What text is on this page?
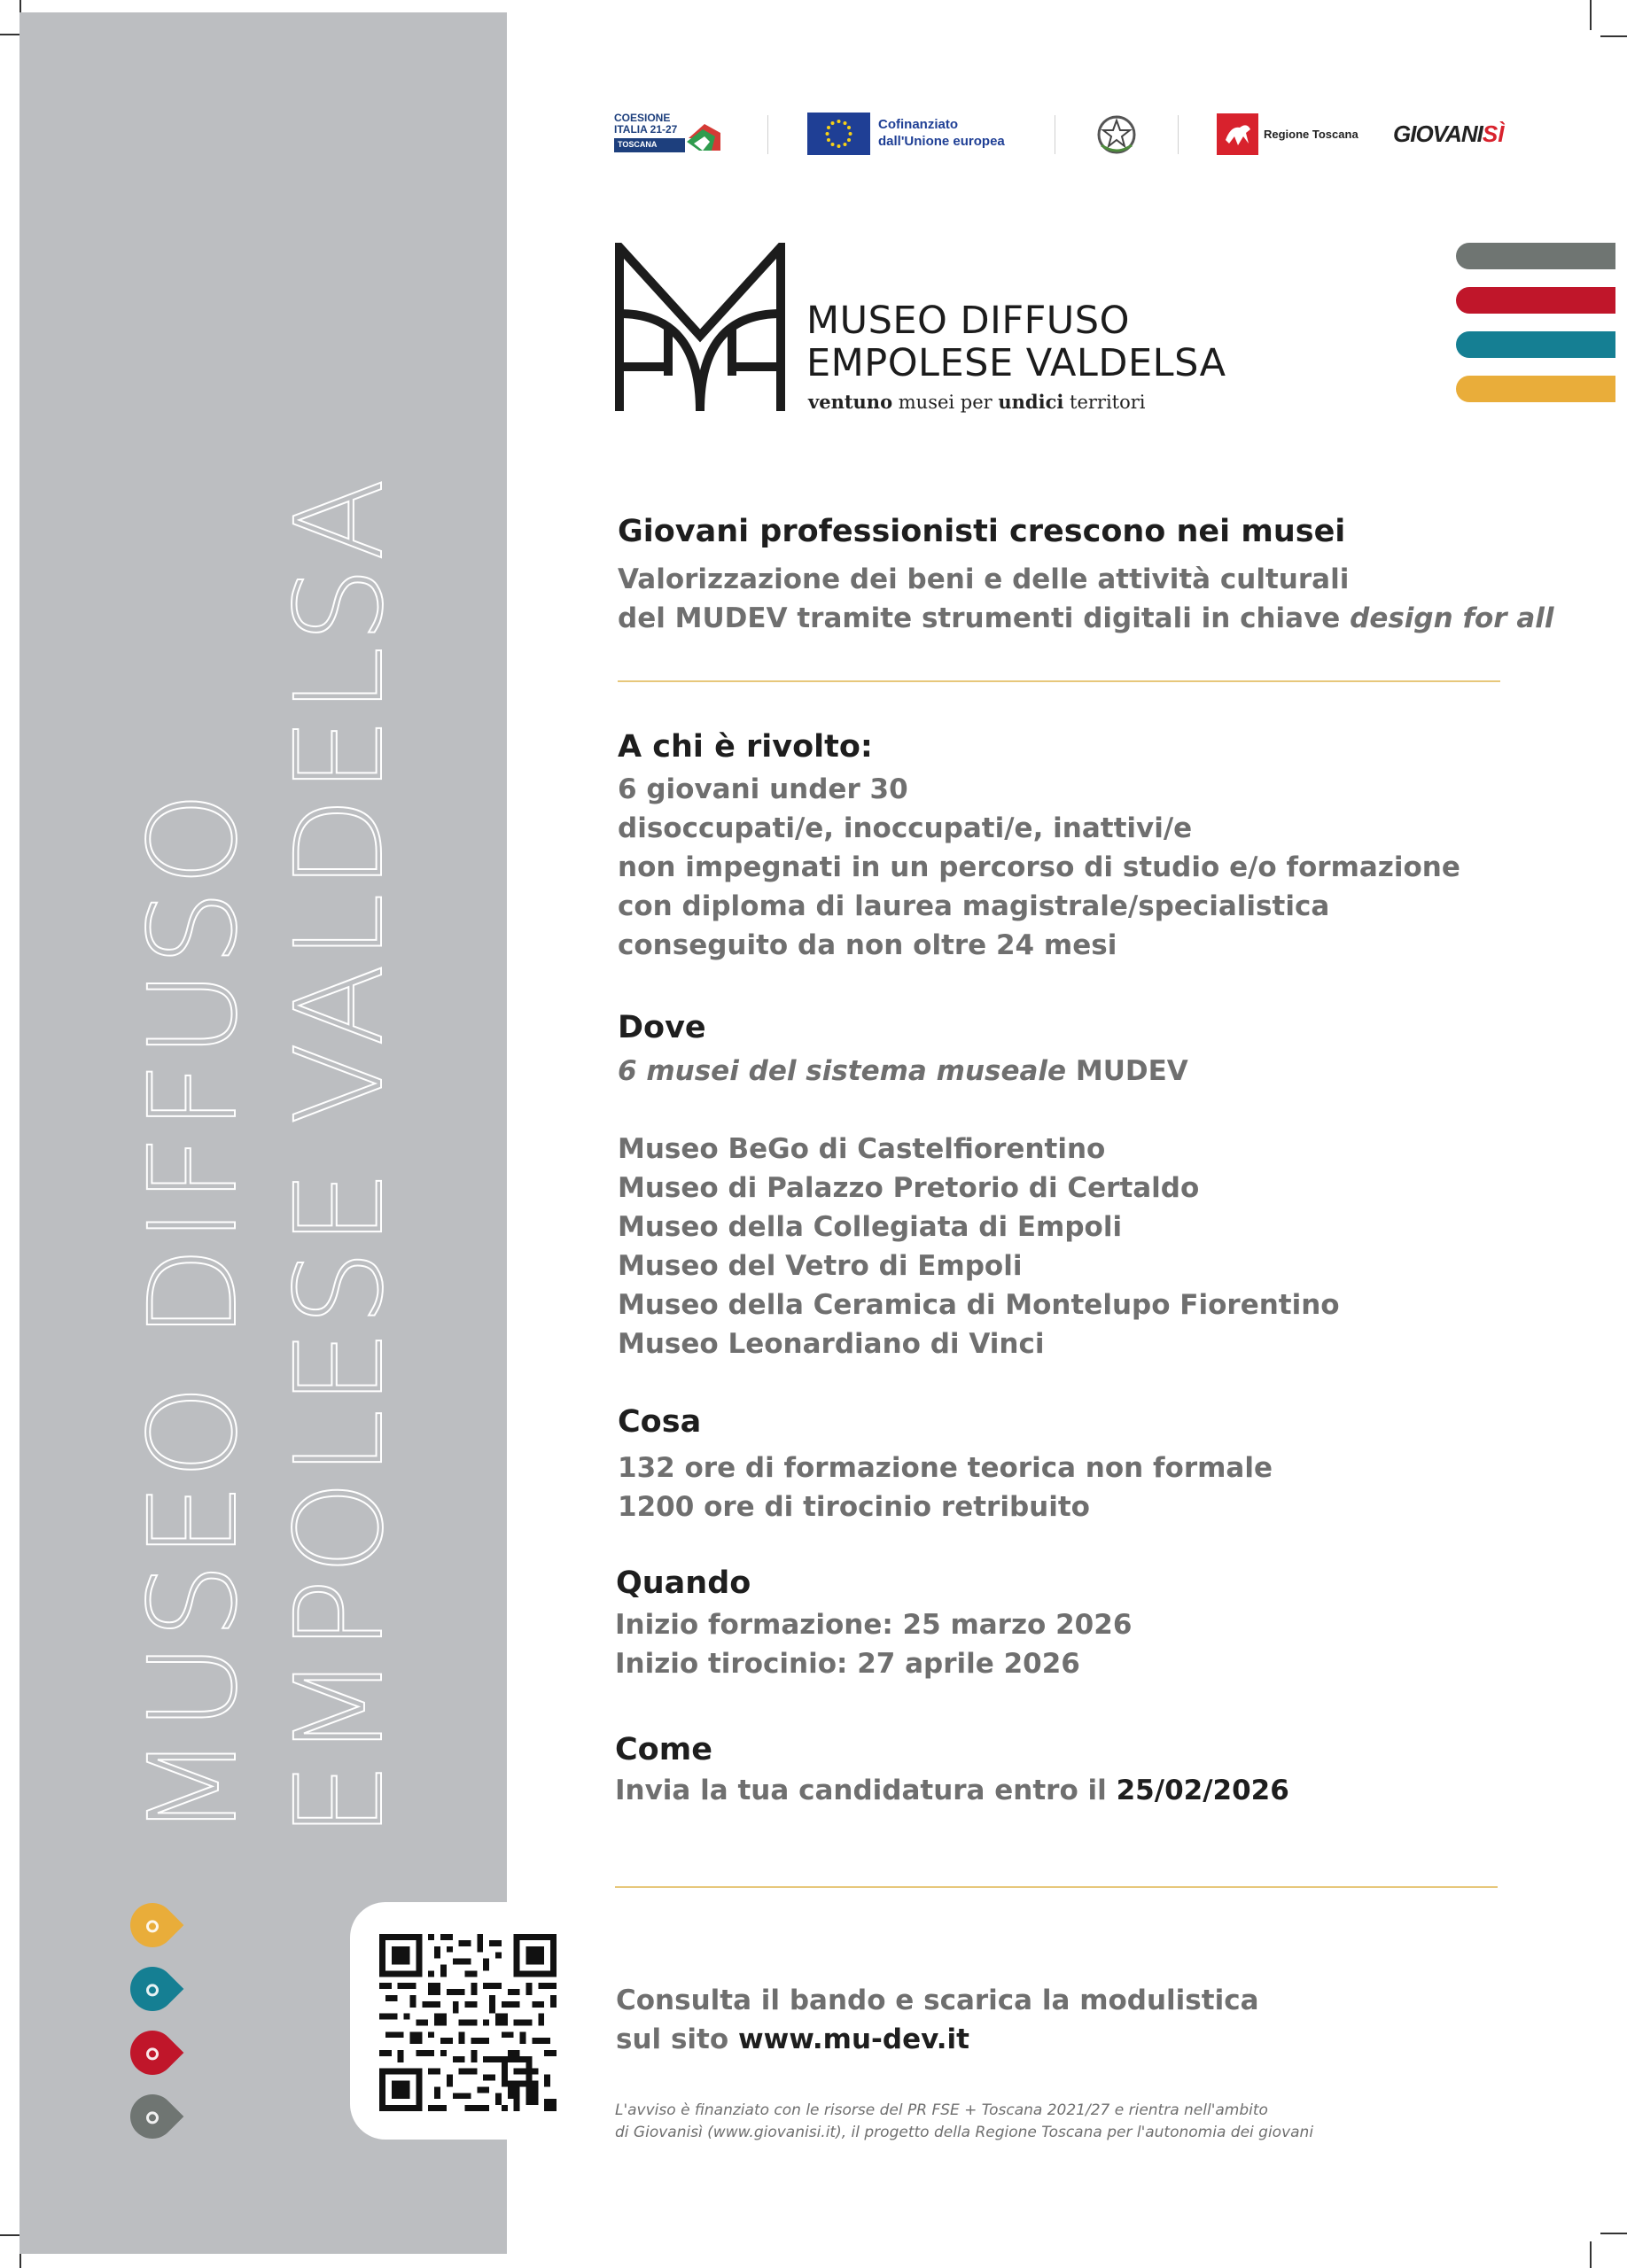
MUSEO DIFFUSO EMPOLESE VALDELSA
COESIONE
ITALIA 21-27
TOSCANA
Cofinanziato
dall'Unione europea	Regione Toscana GIOVANISÌ
MUSEO DIFFUSO
EMPOLESE VALDELSA
ventuno musei per undici territori
Giovani professionisti crescono nei musei
Valorizzazione dei beni e delle attività culturali
del MUDEV tramite strumenti digitali in chiave design for all
A chi è rivolto:
6 giovani under 30
disoccupati/e, inoccupati/e, inattivi/e
non impegnati in un percorso di studio e/o formazione
con diploma di laurea magistrale/specialistica
conseguito da non oltre 24 mesi
Dove
6 musei del sistema museale MUDEV
Museo BeGo di Castelfiorentino
Museo di Palazzo Pretorio di Certaldo
Museo della Collegiata di Empoli
Museo del Vetro di Empoli
Museo della Ceramica di Montelupo Fiorentino
Museo Leonardiano di Vinci
Cosa
132 ore di formazione teorica non formale
1200 ore di tirocinio retribuito
Quando
Inizio formazione: 25 marzo 2026
Inizio tirocinio: 27 aprile 2026
Come
Invia la tua candidatura entro il 25/02/2026
Consulta il bando e scarica la modulistica
sul sito www.mu-dev.it
L'avviso è finanziato con le risorse del PR FSE + Toscana 2021/27 e rientra nell'ambito
di Giovanisì (www.giovanisi.it), il progetto della Regione Toscana per l'autonomia dei giovani
